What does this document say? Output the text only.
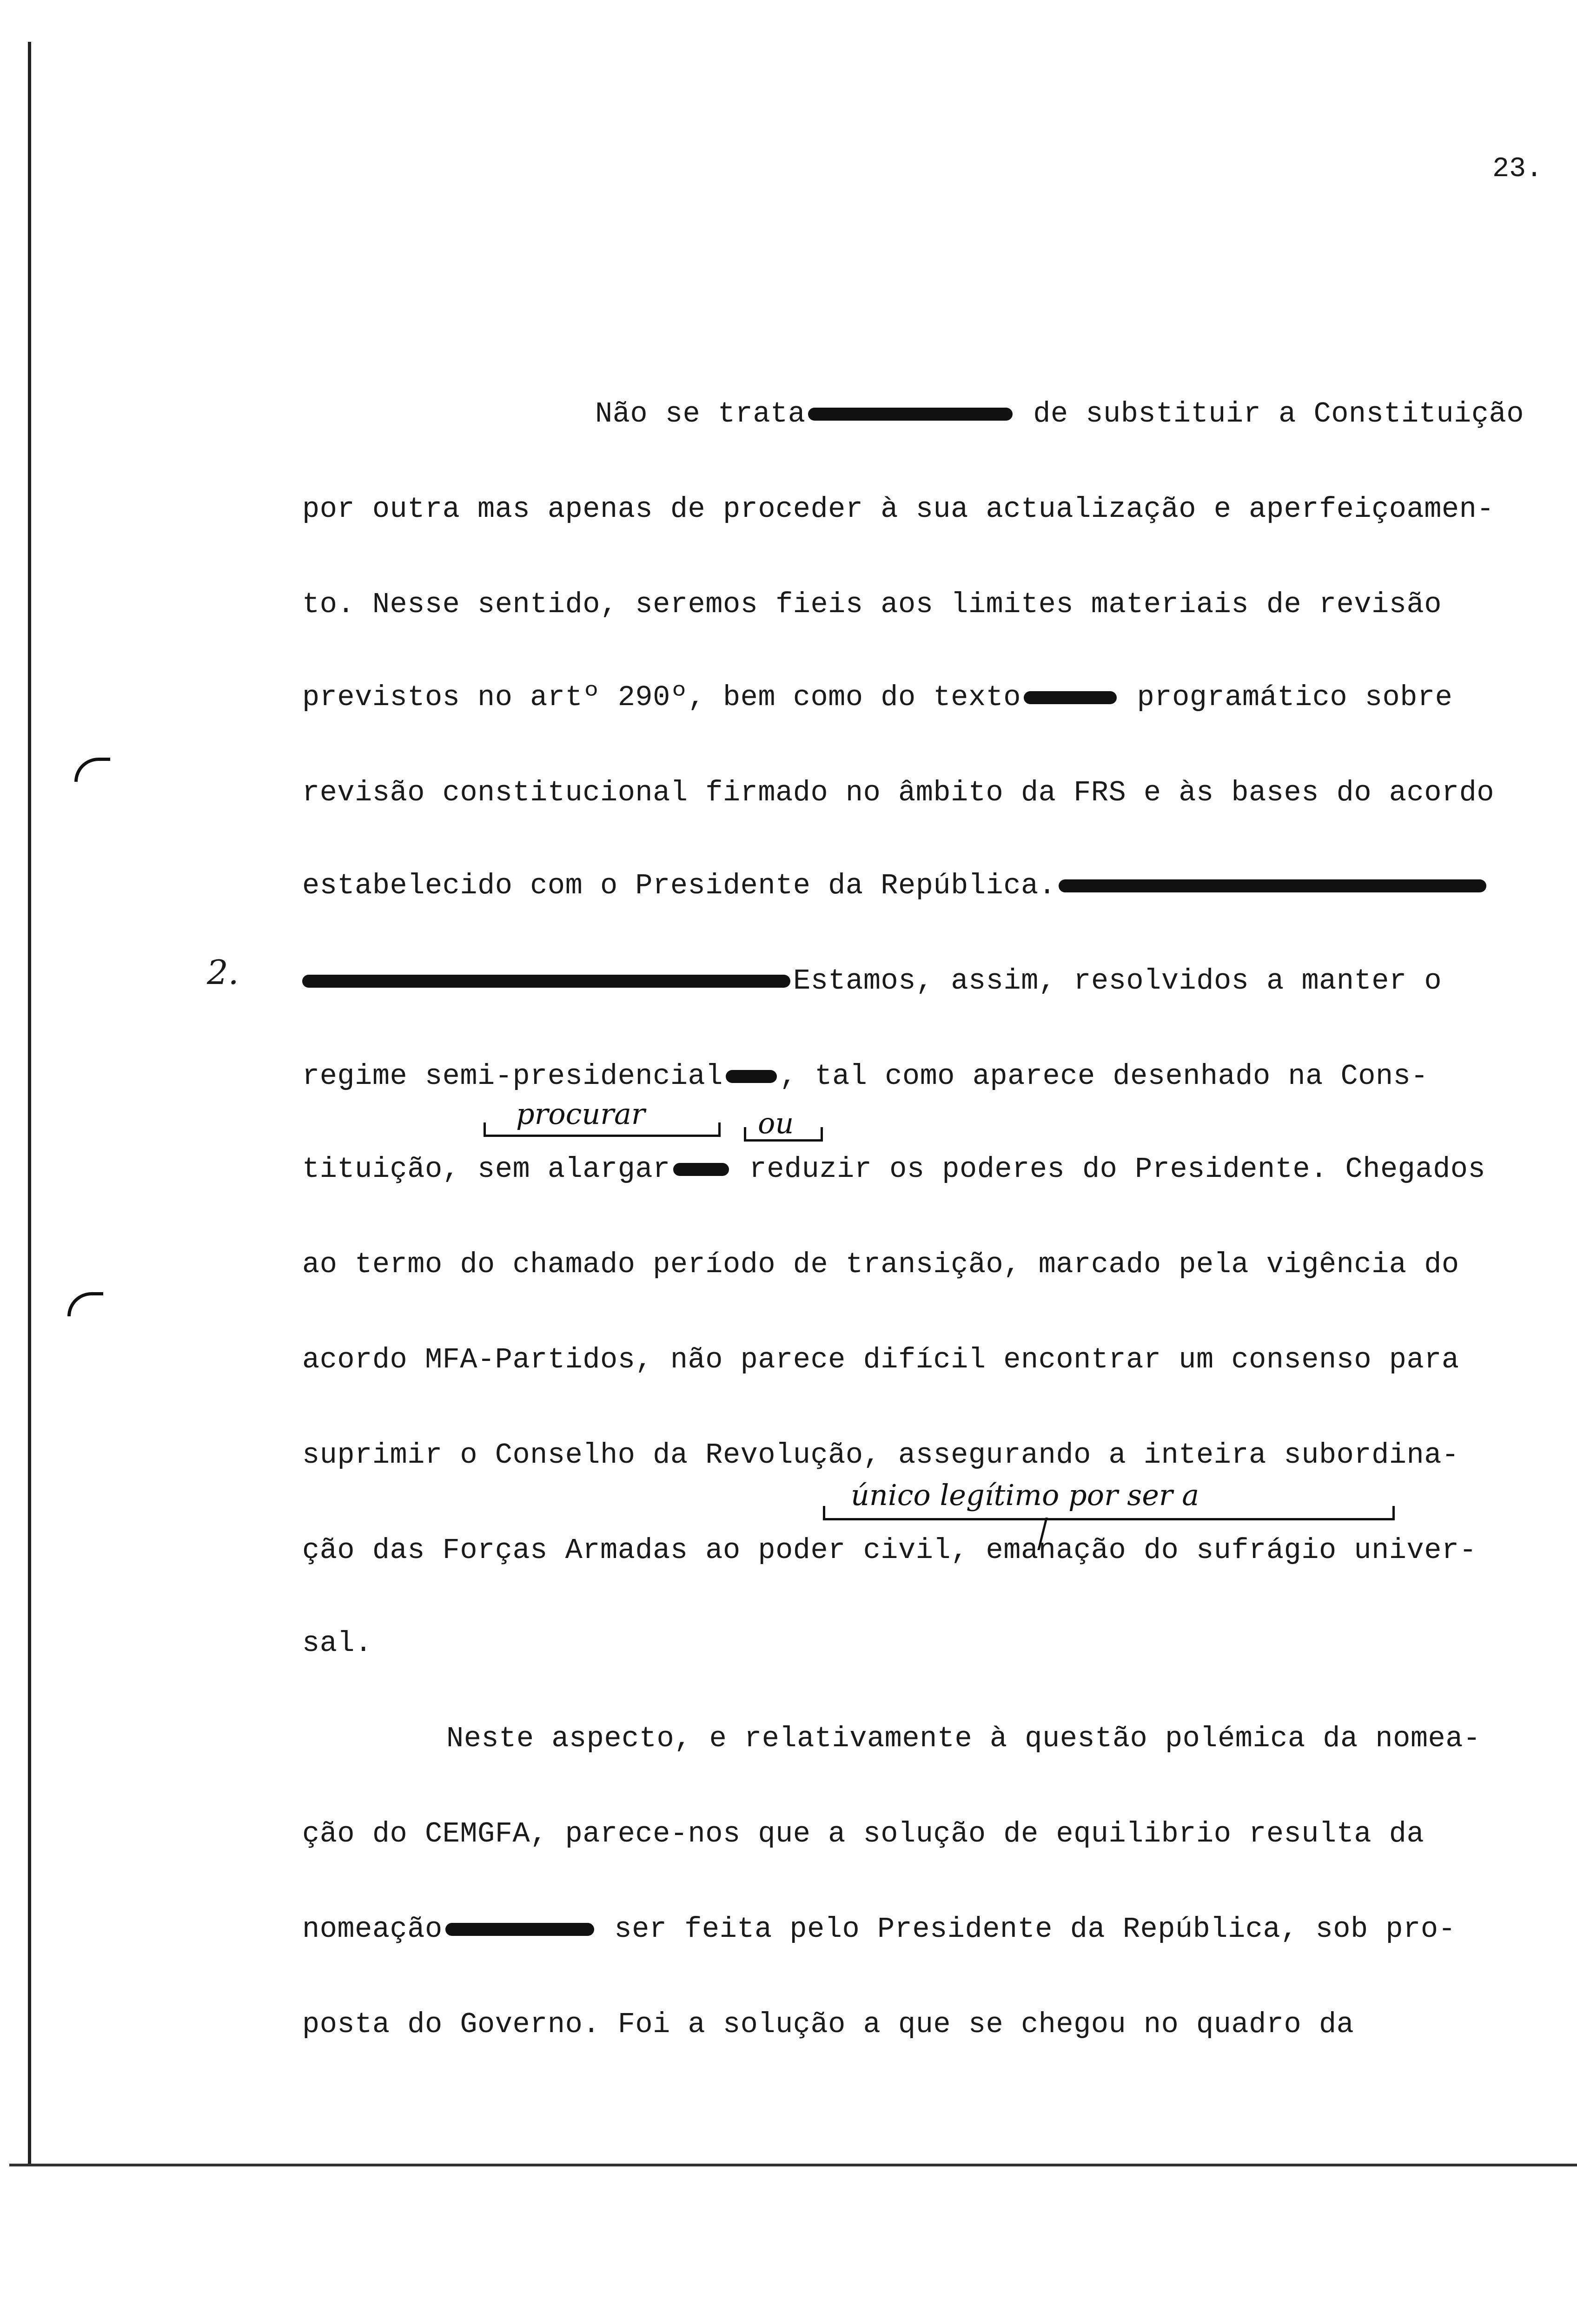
23.
2.
Não se trata	de substituir a Constituição
por outra mas apenas de proceder à sua actualização e aperfeiçoamen-
to. Nesse sentido, seremos fieis aos limites materiais de revisão
previstos no artº 290º, bem como do texto	programático sobre
revisão constitucional firmado no âmbito da FRS e às bases do acordo
estabelecido com o Presidente da República.
Estamos, assim, resolvidos a manter o
regime semi-presidencial , tal como aparece desenhado na Cons-
procurar	ou
tituição, sem alargar reduzir os poderes do Presidente. Chegados
ao termo do chamado período de transição, marcado pela vigência do
acordo MFA-Partidos, não parece difícil encontrar um consenso para
suprimir o Conselho da Revolução, assegurando a inteira subordina-
único legítimo por ser a
ção das Forças Armadas ao poder civil, emanação do sufrágio univer-
sal.
Neste aspecto, e relativamente à questão polémica da nomea-
ção do CEMGFA, parece-nos que a solução de equilibrio resulta da
nomeação	ser feita pelo Presidente da República, sob pro-
posta do Governo. Foi a solução a que se chegou no quadro da
